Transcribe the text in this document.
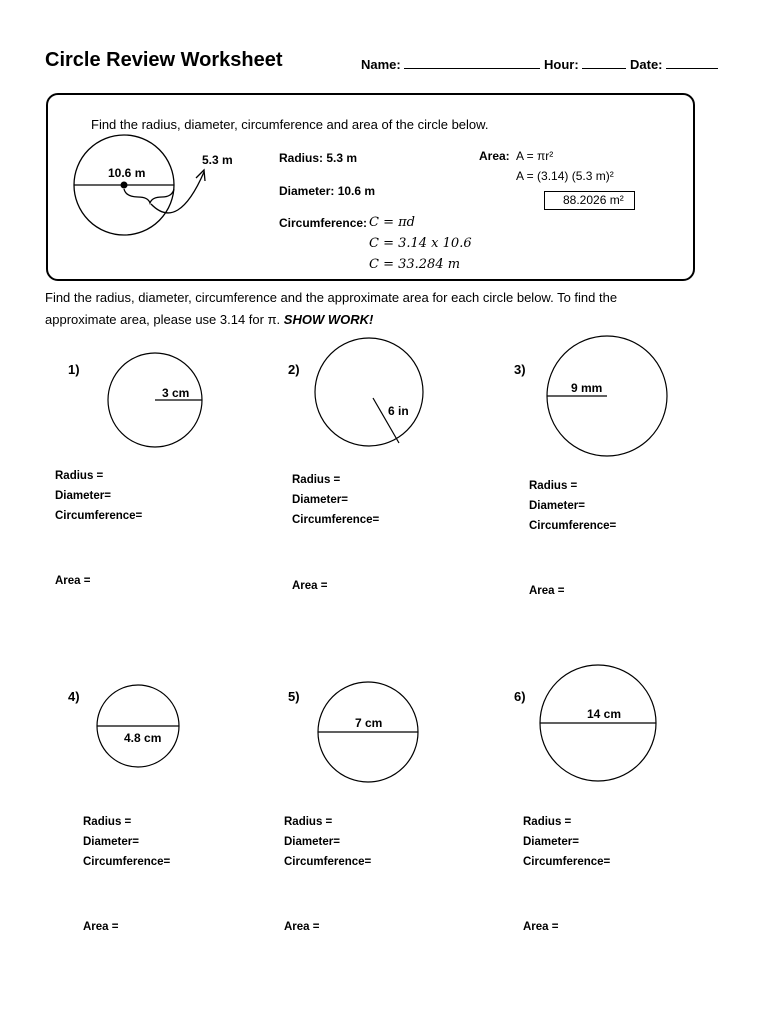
Circle Review Worksheet	Name:	Hour:	Date:
Find the radius, diameter, circumference and area of the circle below.
10.6 m
5.3 m	Radius: 5.3 m
Diameter: 10.6 m
Circumference: C = πd
C = 3.14 x 10.6
C = 33.284 m
Area: A = πr²
A = (3.14) (5.3 m)²
88.2026 m²
Find the radius, diameter, circumference and the approximate area for each circle below. To find the
approximate area, please use 3.14 for π. SHOW WORK!
1)
3 cm
2)
6 in
3)
9 mm
4)
4.8 cm
5)
7 cm
6)
14 cm
Radius =
Diameter=
Circumference=
Area =
Radius =
Diameter=
Circumference=
Area =
Radius =
Diameter=
Circumference=
Area =
Radius =
Diameter=
Circumference=
Area =
Radius =
Diameter=
Circumference=
Area =
Radius =
Diameter=
Circumference=
Area =
